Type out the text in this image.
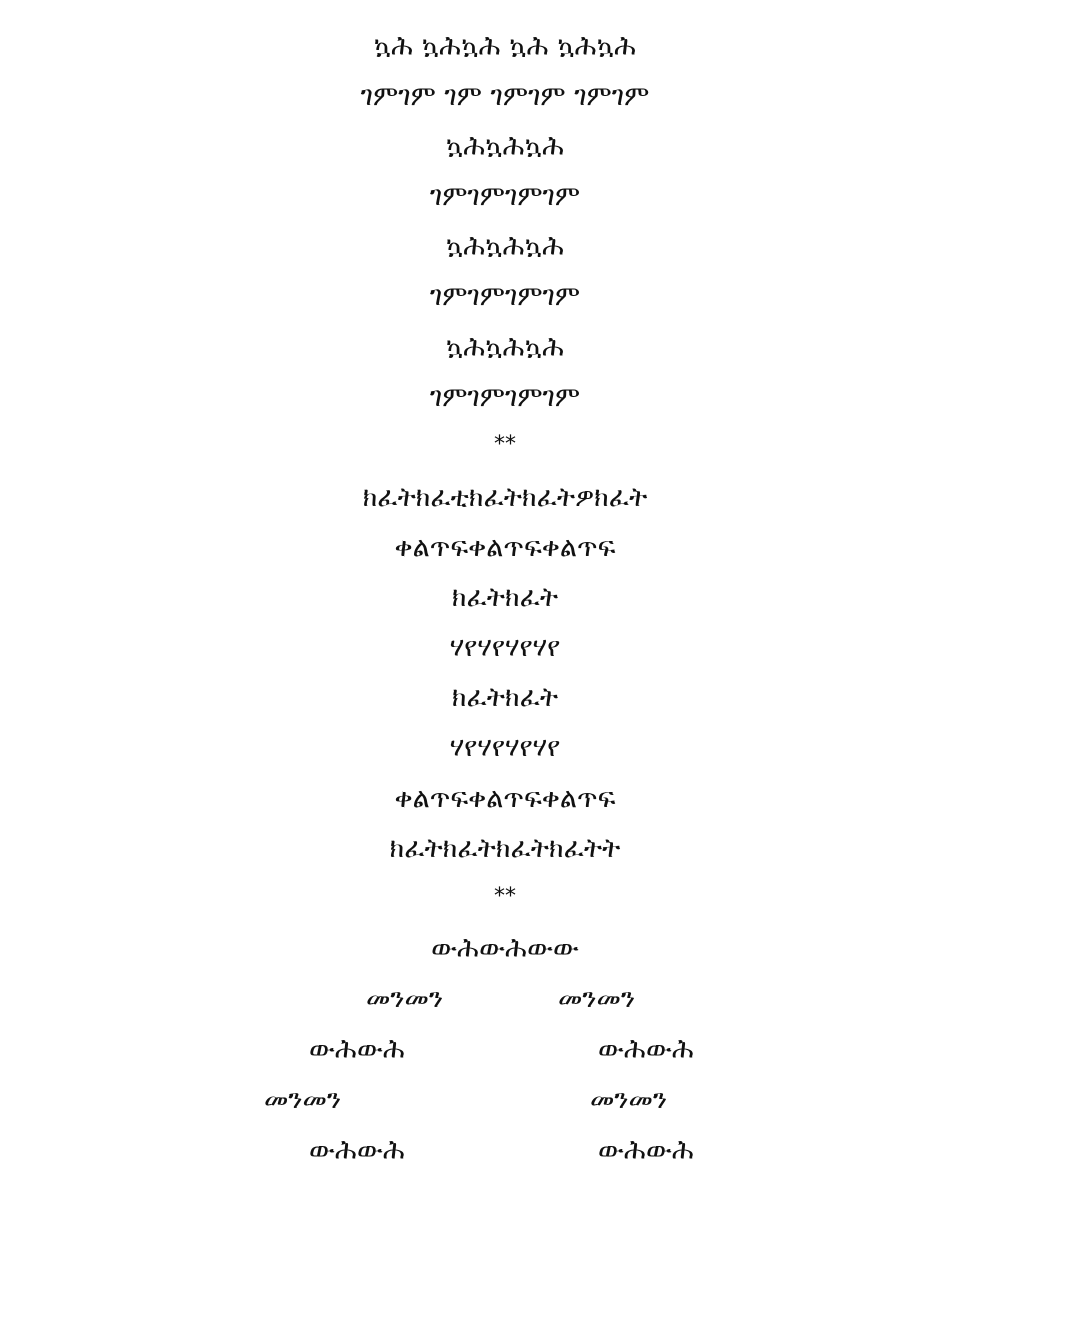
ኳሕ ኳሕኳሕ ኳሕ ኳሕኳሕ
ገምገም ገም ገምገም ገምገም
ኳሕኳሕኳሕ
ገምገምገምገም
ኳሕኳሕኳሕ
ገምገምገምገም
ኳሕኳሕኳሕ
ገምገምገምገም
**
ክፈትክፈቲክፈትክፈትዎክፈት
ቀልጥፍቀልጥፍቀልጥፍ
ክፈትክፈት
ሃየሃየሃየሃየ
ክፈትክፈት
ሃየሃየሃየሃየ
ቀልጥፍቀልጥፍቀልጥፍ
ክፈትክፈትክፈትክፈትት
**
ውሕውሕውው
መንመን	መንመን
ውሕውሕ	ውሕውሕ
መንመን	መንመን
ውሕውሕ	ውሕውሕ
